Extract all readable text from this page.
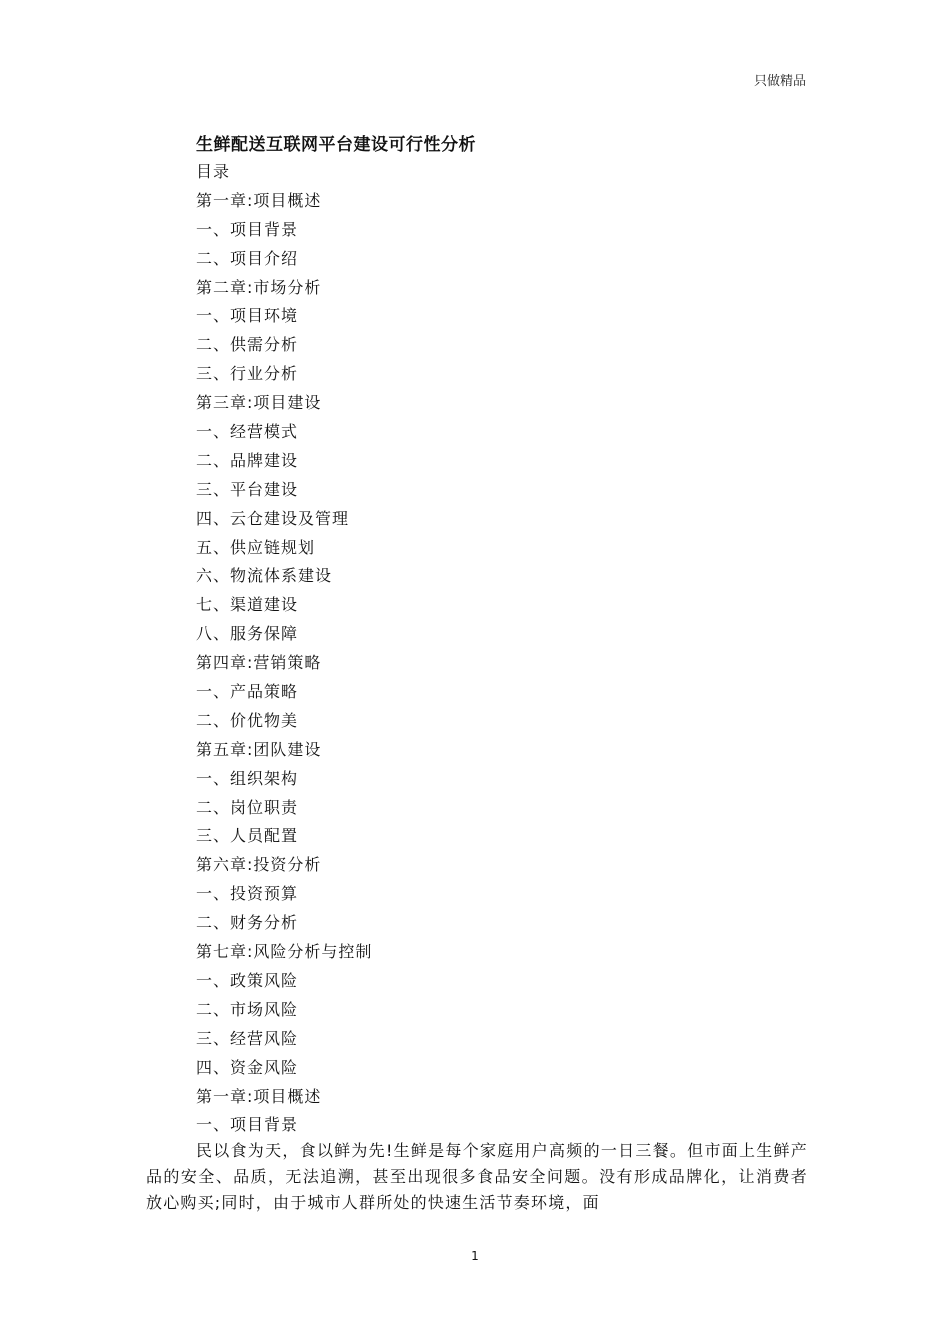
只做精品
生鲜配送互联网平台建设可行性分析
目录
第一章:项目概述
一、项目背景
二、项目介绍
第二章:市场分析
一、项目环境
二、供需分析
三、行业分析
第三章:项目建设
一、经营模式
二、品牌建设
三、平台建设
四、云仓建设及管理
五、供应链规划
六、物流体系建设
七、渠道建设
八、服务保障
第四章:营销策略
一、产品策略
二、价优物美
第五章:团队建设
一、组织架构
二、岗位职责
三、人员配置
第六章:投资分析
一、投资预算
二、财务分析
第七章:风险分析与控制
一、政策风险
二、市场风险
三、经营风险
四、资金风险
第一章:项目概述
一、项目背景

民以食为天，食以鲜为先!生鲜是每个家庭用户高频的一日三餐。但市面上生鲜产品的安全、品质，无法追溯，甚至出现很多食品安全问题。没有形成品牌化，让消费者放心购买;同时，由于城市人群所处的快速生活节奏环境，面

1
